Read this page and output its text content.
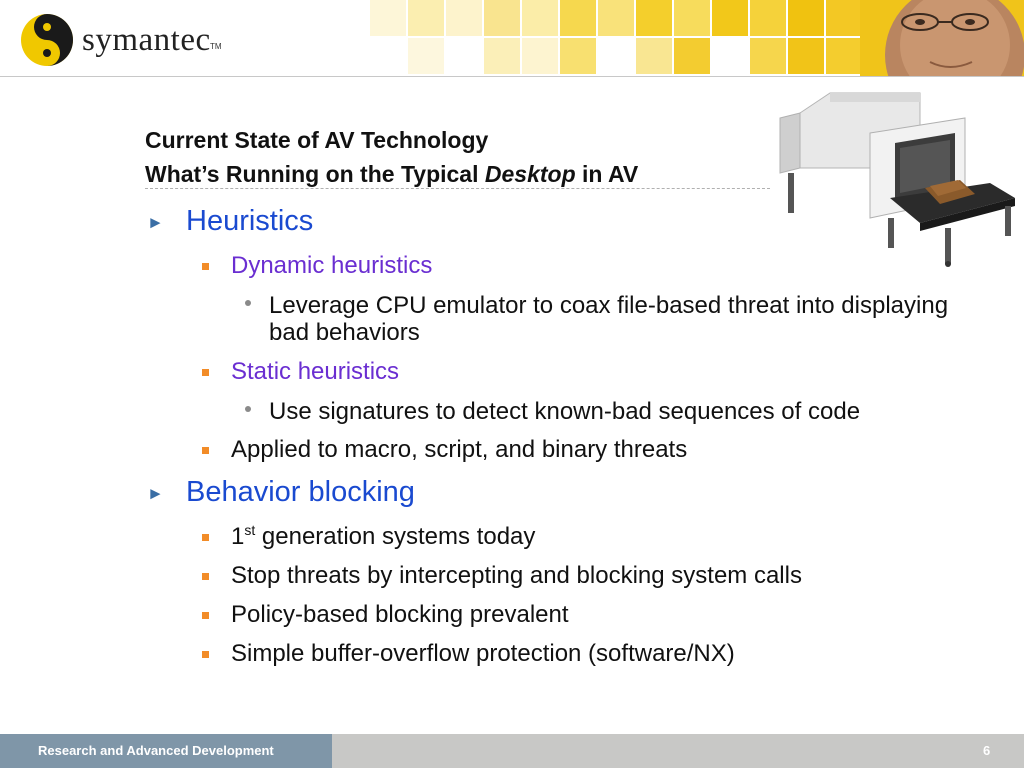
symantec TM
Current State of AV Technology
What’s Running on the Typical Desktop in AV
► Heuristics
Dynamic heuristics
Leverage CPU emulator to coax file-based threat into displaying bad behaviors
Static heuristics
Use signatures to detect known-bad sequences of code
Applied to macro, script, and binary threats
► Behavior blocking
1st generation systems today
Stop threats by intercepting and blocking system calls
Policy-based blocking prevalent
Simple buffer-overflow protection (software/NX)
Research and Advanced Development	6
